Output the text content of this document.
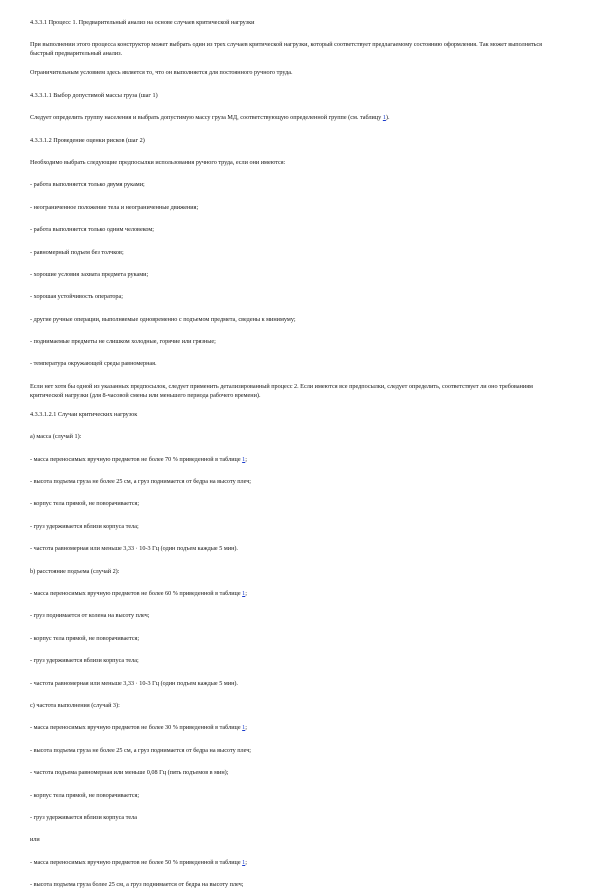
4.3.3.1 Процесс 1. Предварительный анализ на основе случаев критической нагрузки
При выполнении этого процесса конструктор может выбрать один из трех случаев критической нагрузки, который соответствует предлагаемому состоянию оформления. Так может выполняться быстрый предварительный анализ.
Ограничительным условием здесь является то, что он выполняется для постоянного ручного труда.
4.3.3.1.1 Выбор допустимой массы груза (шаг 1)
Следует определить группу населения и выбрать допустимую массу груза МД, соответствующую определенной группе (см. таблицу 1).
4.3.3.1.2 Проведение оценки рисков (шаг 2)
Необходимо выбрать следующие предпосылки использования ручного труда, если они имеются:
- работа выполняется только двумя руками;
- неограниченное положение тела и неограниченные движения;
- работа выполняется только одним человеком;
- равномерный подъем без толчков;
- хорошие условия захвата предмета руками;
- хорошая устойчивость оператора;
- другие ручные операции, выполняемые одновременно с подъемом предмета, сведены к минимуму;
- поднимаемые предметы не слишком холодные, горячие или грязные;
- температура окружающей среды равномерная.
Если нет хотя бы одной из указанных предпосылок, следует применить детализированный процесс 2. Если имеются все предпосылки, следует определить, соответствует ли оно требованиям критической нагрузки (для 8-часовой смены или меньшего периода рабочего времени).
4.3.3.1.2.1 Случаи критических нагрузок
а) масса (случай 1):
- масса переносимых вручную предметов не более 70 % приведенной в таблице 1;
- высота подъема груза не более 25 см, а груз поднимается от бедра на высоту плеч;
- корпус тела прямой, не поворачивается;
- груз удерживается вблизи корпуса тела;
- частота равномерная или меньше 3,33 · 10-3 Гц (один подъем каждые 5 мин).
b) расстояние подъема (случай 2):
- масса переносимых вручную предметов не более 60 % приведенной в таблице 1;
- груз поднимается от колена на высоту плеч;
- корпус тела прямой, не поворачивается;
- груз удерживается вблизи корпуса тела;
- частота равномерная или меньше 3,33 · 10-3 Гц (один подъем каждые 5 мин).
с) частота выполнения (случай 3):
- масса переносимых вручную предметов не более 30 % приведенной в таблице 1;
- высота подъема груза не более 25 см, а груз поднимается от бедра на высоту плеч;
- частота подъема равномерная или меньше 0,08 Гц (пять подъемов в мин);
- корпус тела прямой, не поворачивается;
- груз удерживается вблизи корпуса тела
или
- масса переносимых вручную предметов не более 50 % приведенной в таблице 1;
- высота подъема груза более 25 см, а груз поднимается от бедра на высоту плеч;
